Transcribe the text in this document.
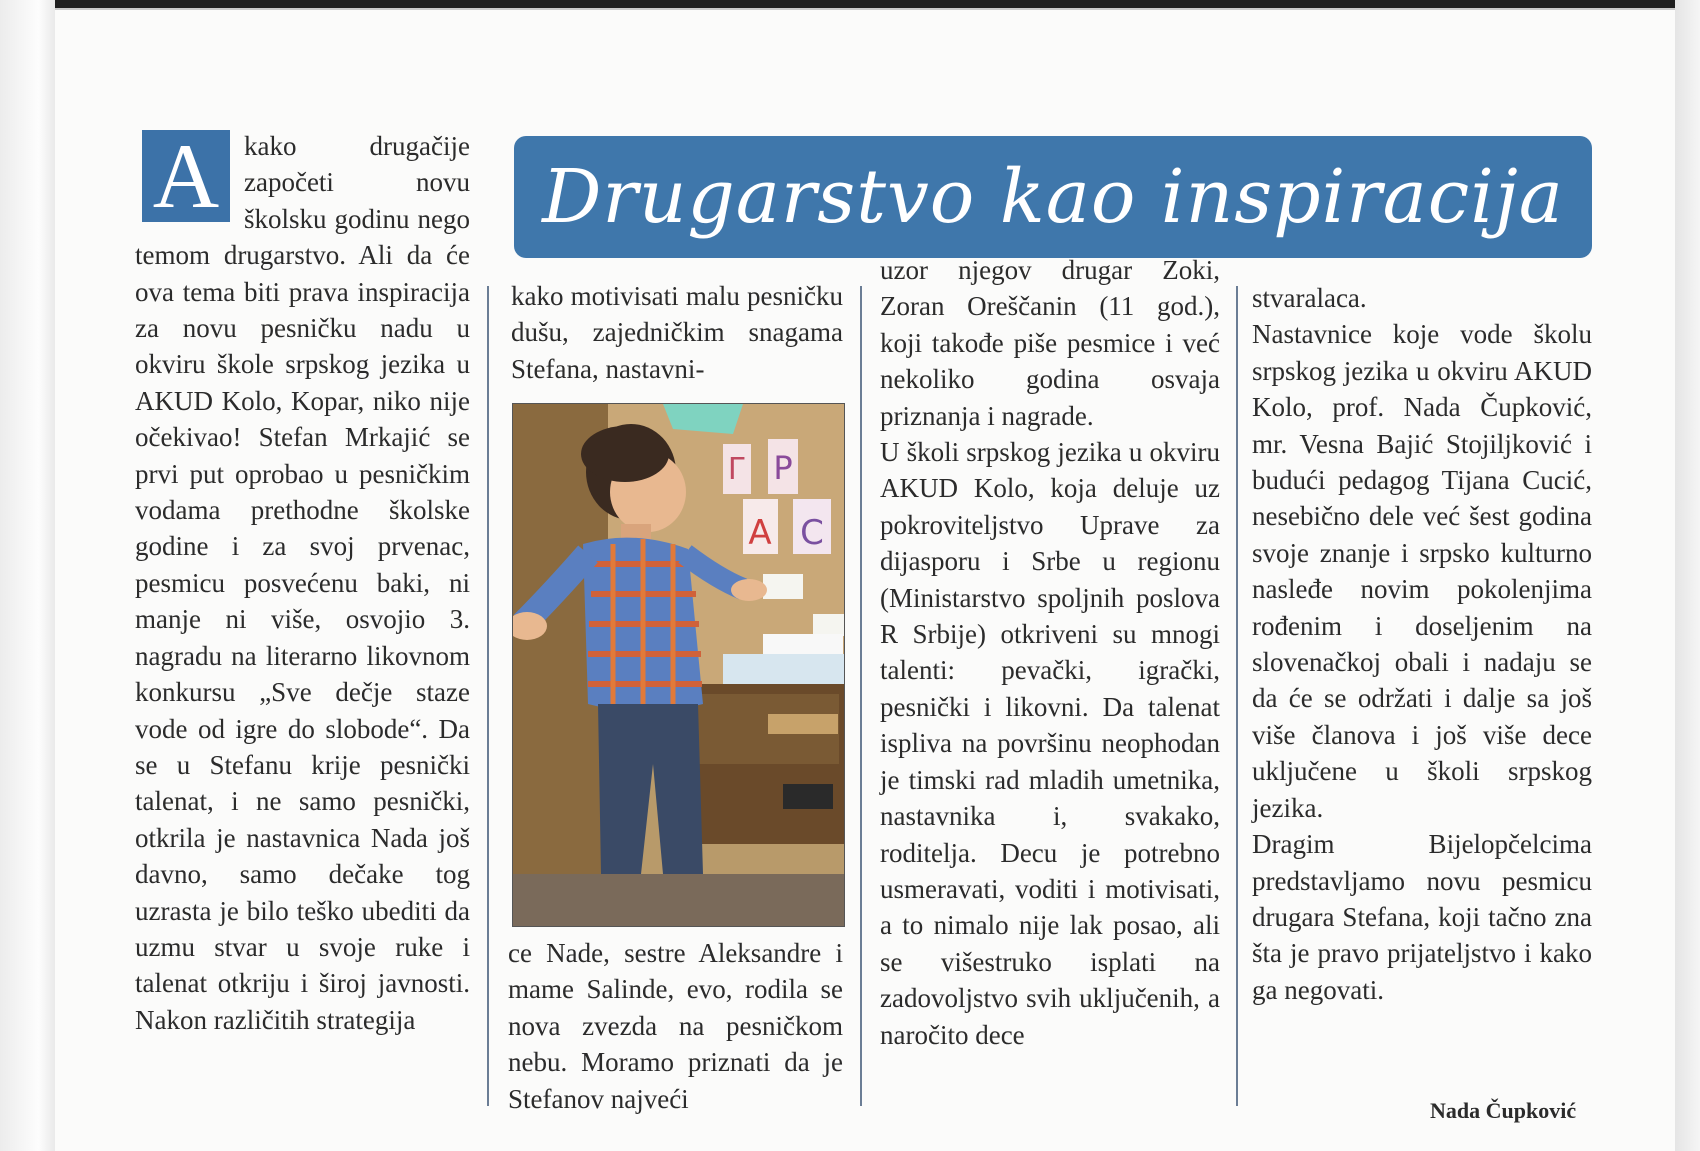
Drugarstvo kao inspiracija
A kako drugačije započeti novu školsku godinu nego temom drugarstvo. Ali da će ova tema biti prava inspiracija za novu pesničku nadu u okviru škole srpskog jezika u AKUD Kolo, Kopar, niko nije očekivao! Stefan Mrkajić se prvi put oprobao u pesničkim vodama prethodne školske godine i za svoj prvenac, pesmicu posvećenu baki, ni manje ni više, osvojio 3. nagradu na literarno likovnom konkursu „Sve dečje staze vode od igre do slobode“. Da se u Stefanu krije pesnički talenat, i ne samo pesnički, otkrila je nastavnica Nada još davno, samo dečake tog uzrasta je bilo teško ubediti da uzmu stvar u svoje ruke i talenat otkriju i široj javnosti. Nakon različitih strategija

kako motivisati malu pesničku dušu, zajedničkim snagama Stefana, nastavni-

Г Р
А С

ce Nade, sestre Aleksandre i mame Salinde, evo, rodila se nova zvezda na pesničkom nebu. Moramo priznati da je Stefanov najveći

uzor njegov drugar Zoki, Zoran Oreščanin (11 god.), koji takođe piše pesmice i već nekoliko godina osvaja priznanja i nagrade.

U školi srpskog jezika u okviru AKUD Kolo, koja deluje uz pokroviteljstvo Uprave za dijasporu i Srbe u regionu (Ministarstvo spoljnih poslova R Srbije) otkriveni su mnogi talenti: pevački, igrački, pesnički i likovni. Da talenat ispliva na površinu neophodan je timski rad mladih umetnika, nastavnika i, svakako, roditelja. Decu je potrebno usmeravati, voditi i motivisati, a to nimalo nije lak posao, ali se višestruko isplati na zadovoljstvo svih uključenih, a naročito dece

stvaralaca.

Nastavnice koje vode školu srpskog jezika u okviru AKUD Kolo, prof. Nada Čupković, mr. Vesna Bajić Stojiljković i budući pedagog Tijana Cucić, nesebično dele već šest godina svoje znanje i srpsko kulturno nasleđe novim pokolenjima rođenim i doseljenim na slovenačkoj obali i nadaju se da će se održati i dalje sa još više članova i još više dece uključene u školi srpskog jezika.

Dragim Bijelopčelcima predstavljamo novu pesmicu drugara Stefana, koji tačno zna šta je pravo prijateljstvo i kako ga negovati.

Nada Čupković
